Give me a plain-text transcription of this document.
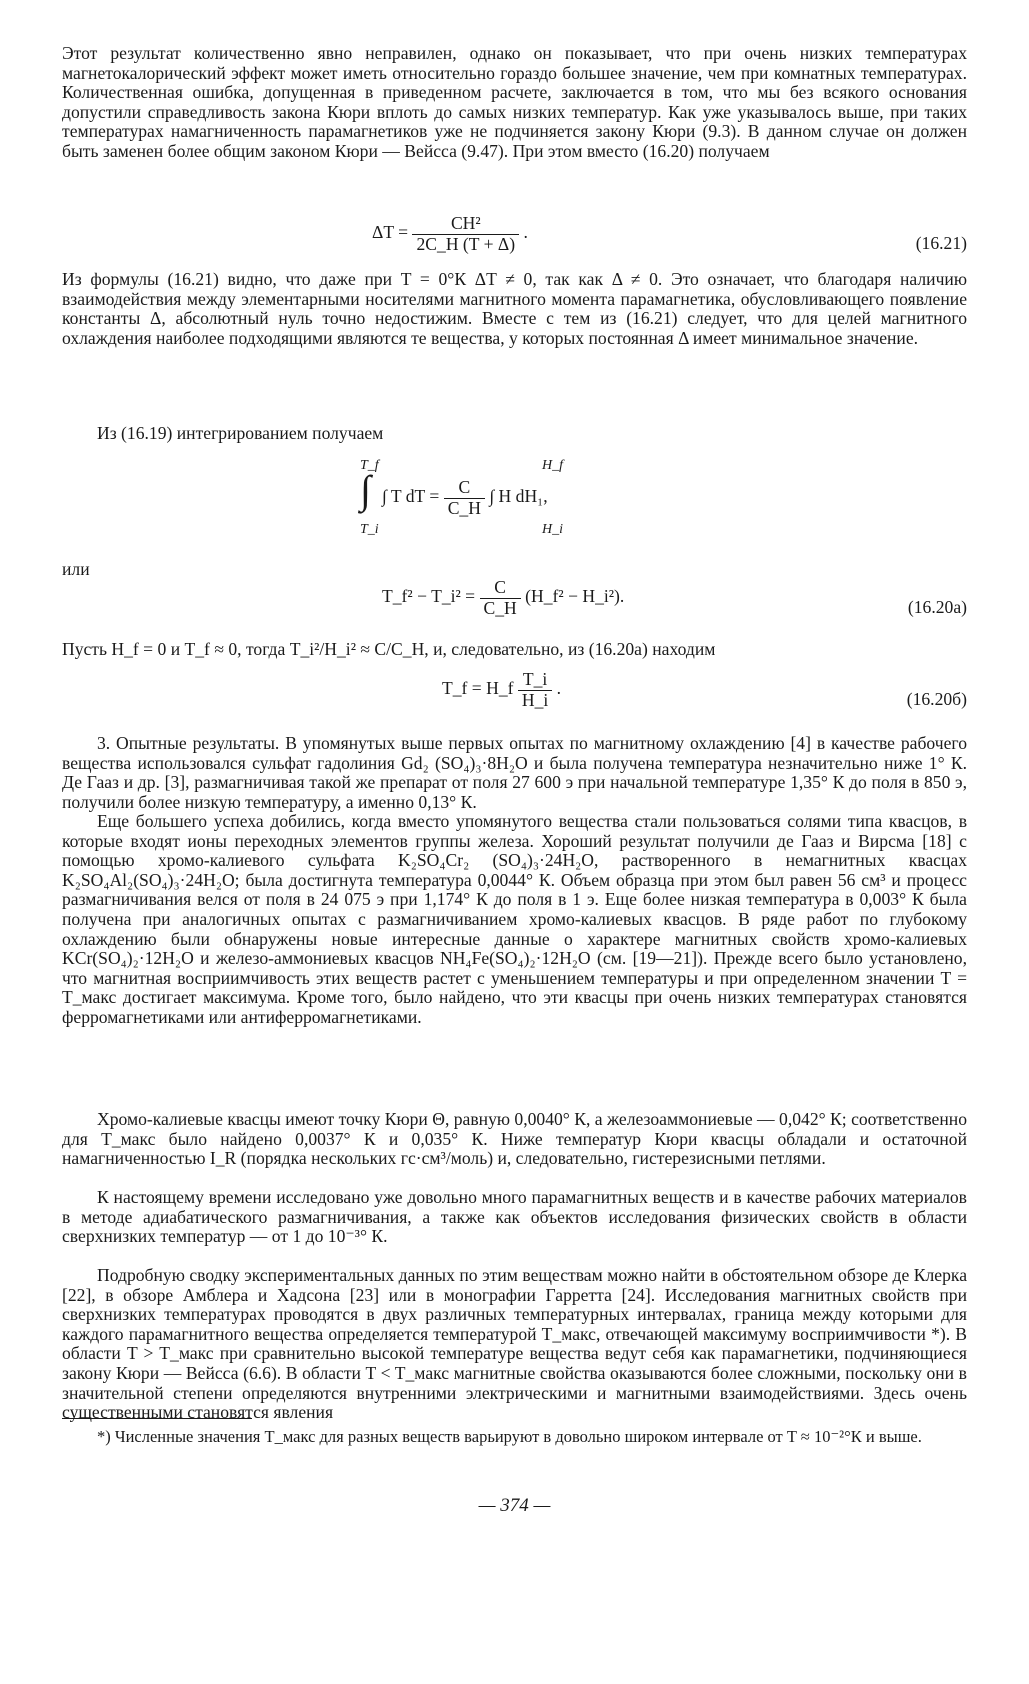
Этот результат количественно явно неправилен, однако он показывает, что при очень низких температурах магнетокалорический эффект может иметь относительно гораздо большее значение, чем при комнатных температурах. Количественная ошибка, допущенная в приведенном расчете, заключается в том, что мы без всякого основания допустили справедливость закона Кюри вплоть до самых низких температур. Как уже указывалось выше, при таких температурах намагниченность парамагнетиков уже не подчиняется закону Кюри (9.3). В данном случае он должен быть заменен более общим законом Кюри — Вейсса (9.47). При этом вместо (16.20) получаем

$\Delta T = \frac{\text{CH²}}{2C\_H (T + \Delta)}$ .
(16.21)

Из формулы (16.21) видно, что даже при T = 0°К ΔT ≠ 0, так как Δ ≠ 0. Это означает, что благодаря наличию взаимодействия между элементарными носителями магнитного момента парамагнетика, обусловливающего появление константы Δ, абсолютный нуль точно недостижим. Вместе с тем из (16.21) следует, что для целей магнитного охлаждения наиболее подходящими являются те вещества, у которых постоянная Δ имеет минимальное значение.

Из (16.19) интегрированием получаем

T_f
∫
T_i
∫ T dT = $\frac{C}{C\_H}$ ∫ H dH₁,
H_f
H_i

или

T_f² − T_i² = $\frac{C}{C\_H}$ (H_f² − H_i²).
(16.20а)

Пусть H_f = 0 и T_f ≈ 0, тогда T_i²/H_i² ≈ C/C_H, и, следовательно, из (16.20а) находим

T_f = H_f $\frac{T\_i}{H\_i}$ .
(16.20б)

3. Опытные результаты. В упомянутых выше первых опытах по магнитному охлаждению [4] в качестве рабочего вещества использовался сульфат гадолиния Gd₂ (SO₄)₃·8H₂O и была получена температура незначительно ниже 1° К. Де Гааз и др. [3], размагничивая такой же препарат от поля 27 600 э при начальной температуре 1,35° К до поля в 850 э, получили более низкую температуру, а именно 0,13° К.

Еще большего успеха добились, когда вместо упомянутого вещества стали пользоваться солями типа квасцов, в которые входят ионы переходных элементов группы железа. Хороший результат получили де Гааз и Вирсма [18] с помощью хромо-калиевого сульфата K₂SO₄Cr₂ (SO₄)₃·24H₂O, растворенного в немагнитных квасцах K₂SO₄Al₂(SO₄)₃·24H₂O; была достигнута температура 0,0044° К. Объем образца при этом был равен 56 см³ и процесс размагничивания велся от поля в 24 075 э при 1,174° К до поля в 1 э. Еще более низкая температура в 0,003° К была получена при аналогичных опытах с размагничиванием хромо-калиевых квасцов. В ряде работ по глубокому охлаждению были обнаружены новые интересные данные о характере магнитных свойств хромо-калиевых KCr(SO₄)₂·12H₂O и железо-аммониевых квасцов NH₄Fe(SO₄)₂·12H₂O (см. [19—21]). Прежде всего было установлено, что магнитная восприимчивость этих веществ растет с уменьшением температуры и при определенном значении T = T_макс достигает максимума. Кроме того, было найдено, что эти квасцы при очень низких температурах становятся ферромагнетиками или антиферромагнетиками.

Хромо-калиевые квасцы имеют точку Кюри Θ, равную 0,0040° К, а железоаммониевые — 0,042° К; соответственно для T_макс было найдено 0,0037° К и 0,035° К. Ниже температур Кюри квасцы обладали и остаточной намагниченностью I_R (порядка нескольких гс·см³/моль) и, следовательно, гистерезисными петлями.

К настоящему времени исследовано уже довольно много парамагнитных веществ и в качестве рабочих материалов в методе адиабатического размагничивания, а также как объектов исследования физических свойств в области сверхнизких температур — от 1 до 10⁻³° К.

Подробную сводку экспериментальных данных по этим веществам можно найти в обстоятельном обзоре де Клерка [22], в обзоре Амблера и Хадсона [23] или в монографии Гарретта [24]. Исследования магнитных свойств при сверхнизких температурах проводятся в двух различных температурных интервалах, граница между которыми для каждого парамагнитного вещества определяется температурой T_макс, отвечающей максимуму восприимчивости *). В области T > T_макс при сравнительно высокой температуре вещества ведут себя как парамагнетики, подчиняющиеся закону Кюри — Вейсса (6.6). В области T < T_макс магнитные свойства оказываются более сложными, поскольку они в значительной степени определяются внутренними электрическими и магнитными взаимодействиями. Здесь очень существенными становятся явления

*) Численные значения T_макс для разных веществ варьируют в довольно широком интервале от T ≈ 10⁻²°К и выше.

— 374 —
